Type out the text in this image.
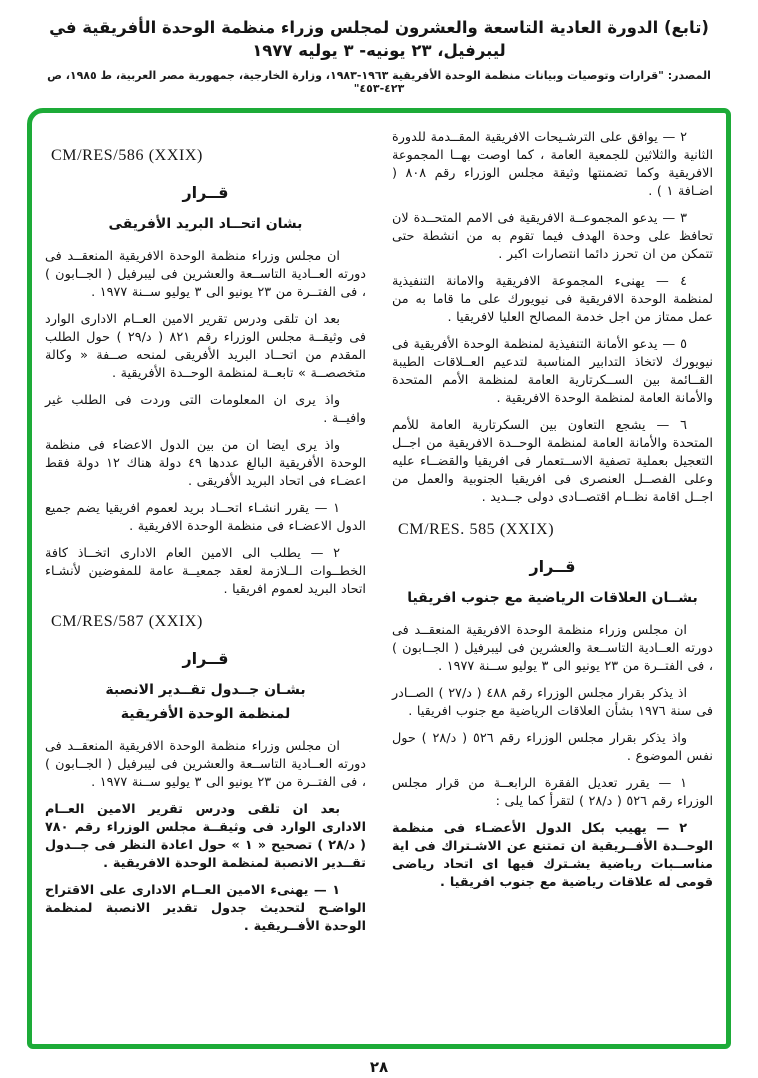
(تابع) الدورة العادية التاسعة والعشرون لمجلس وزراء منظمة الوحدة الأفريقية في ليبرفيل، ٢٣ يونيه- ٣ يوليه ١٩٧٧
المصدر: "قرارات وتوصيات وبيانات منظمة الوحدة الأفريقية ١٩٦٣-١٩٨٣، وزارة الخارجية، جمهورية مصر العربية، ط ١٩٨٥، ص ٤٢٣-٤٥٣"
٢ — يوافق على الترشـيحات الافريقية المقــدمة للدورة الثانية والثلاثين للجمعية العامة ، كما اوصت بهــا المجموعة الافريقية وكما تضمنتها وثيقة مجلس الوزراء رقم ٨٠٨ ( اضـافة ١ ) .
٣ — يدعو المجموعــة الافريقية فى الامم المتحــدة لان تحافظ على وحدة الهدف فيما تقوم به من انشطة حتى تتمكن من ان تحرز دائما انتصارات اكبر .
٤ — يهنىء المجموعة الافريقية والامانة التنفيذية لمنظمة الوحدة الافريقية فى نيويورك على ما قاما به من عمل ممتاز من اجل خدمة المصالح العليا لافريقيا .
٥ — يدعو الأمانة التنفيذية لمنظمة الوحدة الأفريقية فى نيويورك لاتخاذ التدابير المناسبة لتدعيم العــلاقات الطيبة القــائمة بين الســكرتارية العامة لمنظمة الأمم المتحدة والأمانة العامة لمنظمة الوحدة الافريقية .
٦ — يشجع التعاون بين السكرتارية العامة للأمم المتحدة والأمانة العامة لمنظمة الوحــدة الافريقية من اجــل التعجيل بعملية تصفية الاســتعمار فى افريقيا والقضــاء عليه وعلى الفصــل العنصرى فى افريقيا الجنوبية والعمل من اجــل اقامة نظــام اقتصــادى دولى جــديد .
CM/RES. 585 (XXIX)
قــرار
بشــان العلاقات الرياضية مع جنوب افريقيا
ان مجلس وزراء منظمة الوحدة الافريقية المنعقــد فى دورته العــادية التاســعة والعشرين فى ليبرفيل ( الجــابون ) ، فى الفتــرة من ٢٣ يونيو الى ٣ يوليو ســنة ١٩٧٧ .
اذ يذكر بقرار مجلس الوزراء رقم ٤٨٨ ( د/٢٧ ) الصــادر فى سنة ١٩٧٦ بشأن العلاقات الرياضية مع جنوب افريقيا .
واذ يذكر بقرار مجلس الوزراء رقم ٥٢٦ ( د/٢٨ ) حول نفس الموضوع .
١ — يقرر تعديل الفقرة الرابعــة من قرار مجلس الوزراء رقم ٥٢٦ ( د/٢٨ ) لتقرأ كما يلى :
٢ — يهيب بكل الدول الأعضـاء فى منظمة الوحــدة الأفــريقية ان تمتنع عن الاشـتراك فى اية مناســبات رياضية يشـترك فيها اى اتحاد رياضى قومى له علاقات رياضية مع جنوب افريقيا .
CM/RES/586 (XXIX)
قــرار
بشان اتحــاد البريد الأفريقى
ان مجلس وزراء منظمة الوحدة الافريقية المنعقــد فى دورته العــادية التاســعة والعشرين فى ليبرفيل ( الجــابون ) ، فى الفتــرة من ٢٣ يونيو الى ٣ يوليو ســنة ١٩٧٧ .
بعد ان تلقى ودرس تقرير الامين العــام الادارى الوارد فى وثيقــة مجلس الوزراء رقم ٨٢١ ( د/٢٩ ) حول الطلب المقدم من اتحــاد البريد الأفريقى لمنحه صــفة « وكالة متخصصــة » تابعــة لمنظمة الوحــدة الأفريقية .
واذ يرى ان المعلومات التى وردت فى الطلب غير وافيــة .
واذ يرى ايضا ان من بين الدول الاعضاء فى منظمة الوحدة الأفريقية البالغ عددها ٤٩ دولة هناك ١٢ دولة فقط اعضـاء فى اتحاد البريد الأفريقى .
١ — يقرر انشـاء اتحــاد بريد لعموم افريقيا يضم جميع الدول الاعضـاء فى منظمة الوحدة الافريقية .
٢ — يطلب الى الامين العام الادارى اتخــاذ كافة الخطــوات الــلازمة لعقد جمعيــة عامة للمفوضين لأنشـاء اتحاد البريد لعموم افريقيا .
CM/RES/587 (XXIX)
قــرار
بشـان جــدول تقــدير الانصبة
لمنظمة الوحدة الأفريقية
ان مجلس وزراء منظمة الوحدة الافريقية المنعقــد فى دورته العــادية التاســعة والعشرين فى ليبرفيل ( الجــابون ) ، فى الفتــرة من ٢٣ يونيو الى ٣ يوليو ســنة ١٩٧٧ .
بعد ان تلقى ودرس تقرير الامين العــام الادارى الوارد فى وثيقــة مجلس الوزراء رقم ٧٨٠ ( د/٢٨ ) تصحيح « ١ » حول اعادة النظر فى جــدول تقــدير الانصبة لمنظمة الوحدة الافريقية .
١ — يهنىء الامين العــام الادارى على الاقتراح الواضـح لتحديث جدول تقدير الانصبة لمنظمة الوحدة الأفــريقية .
٢٨
